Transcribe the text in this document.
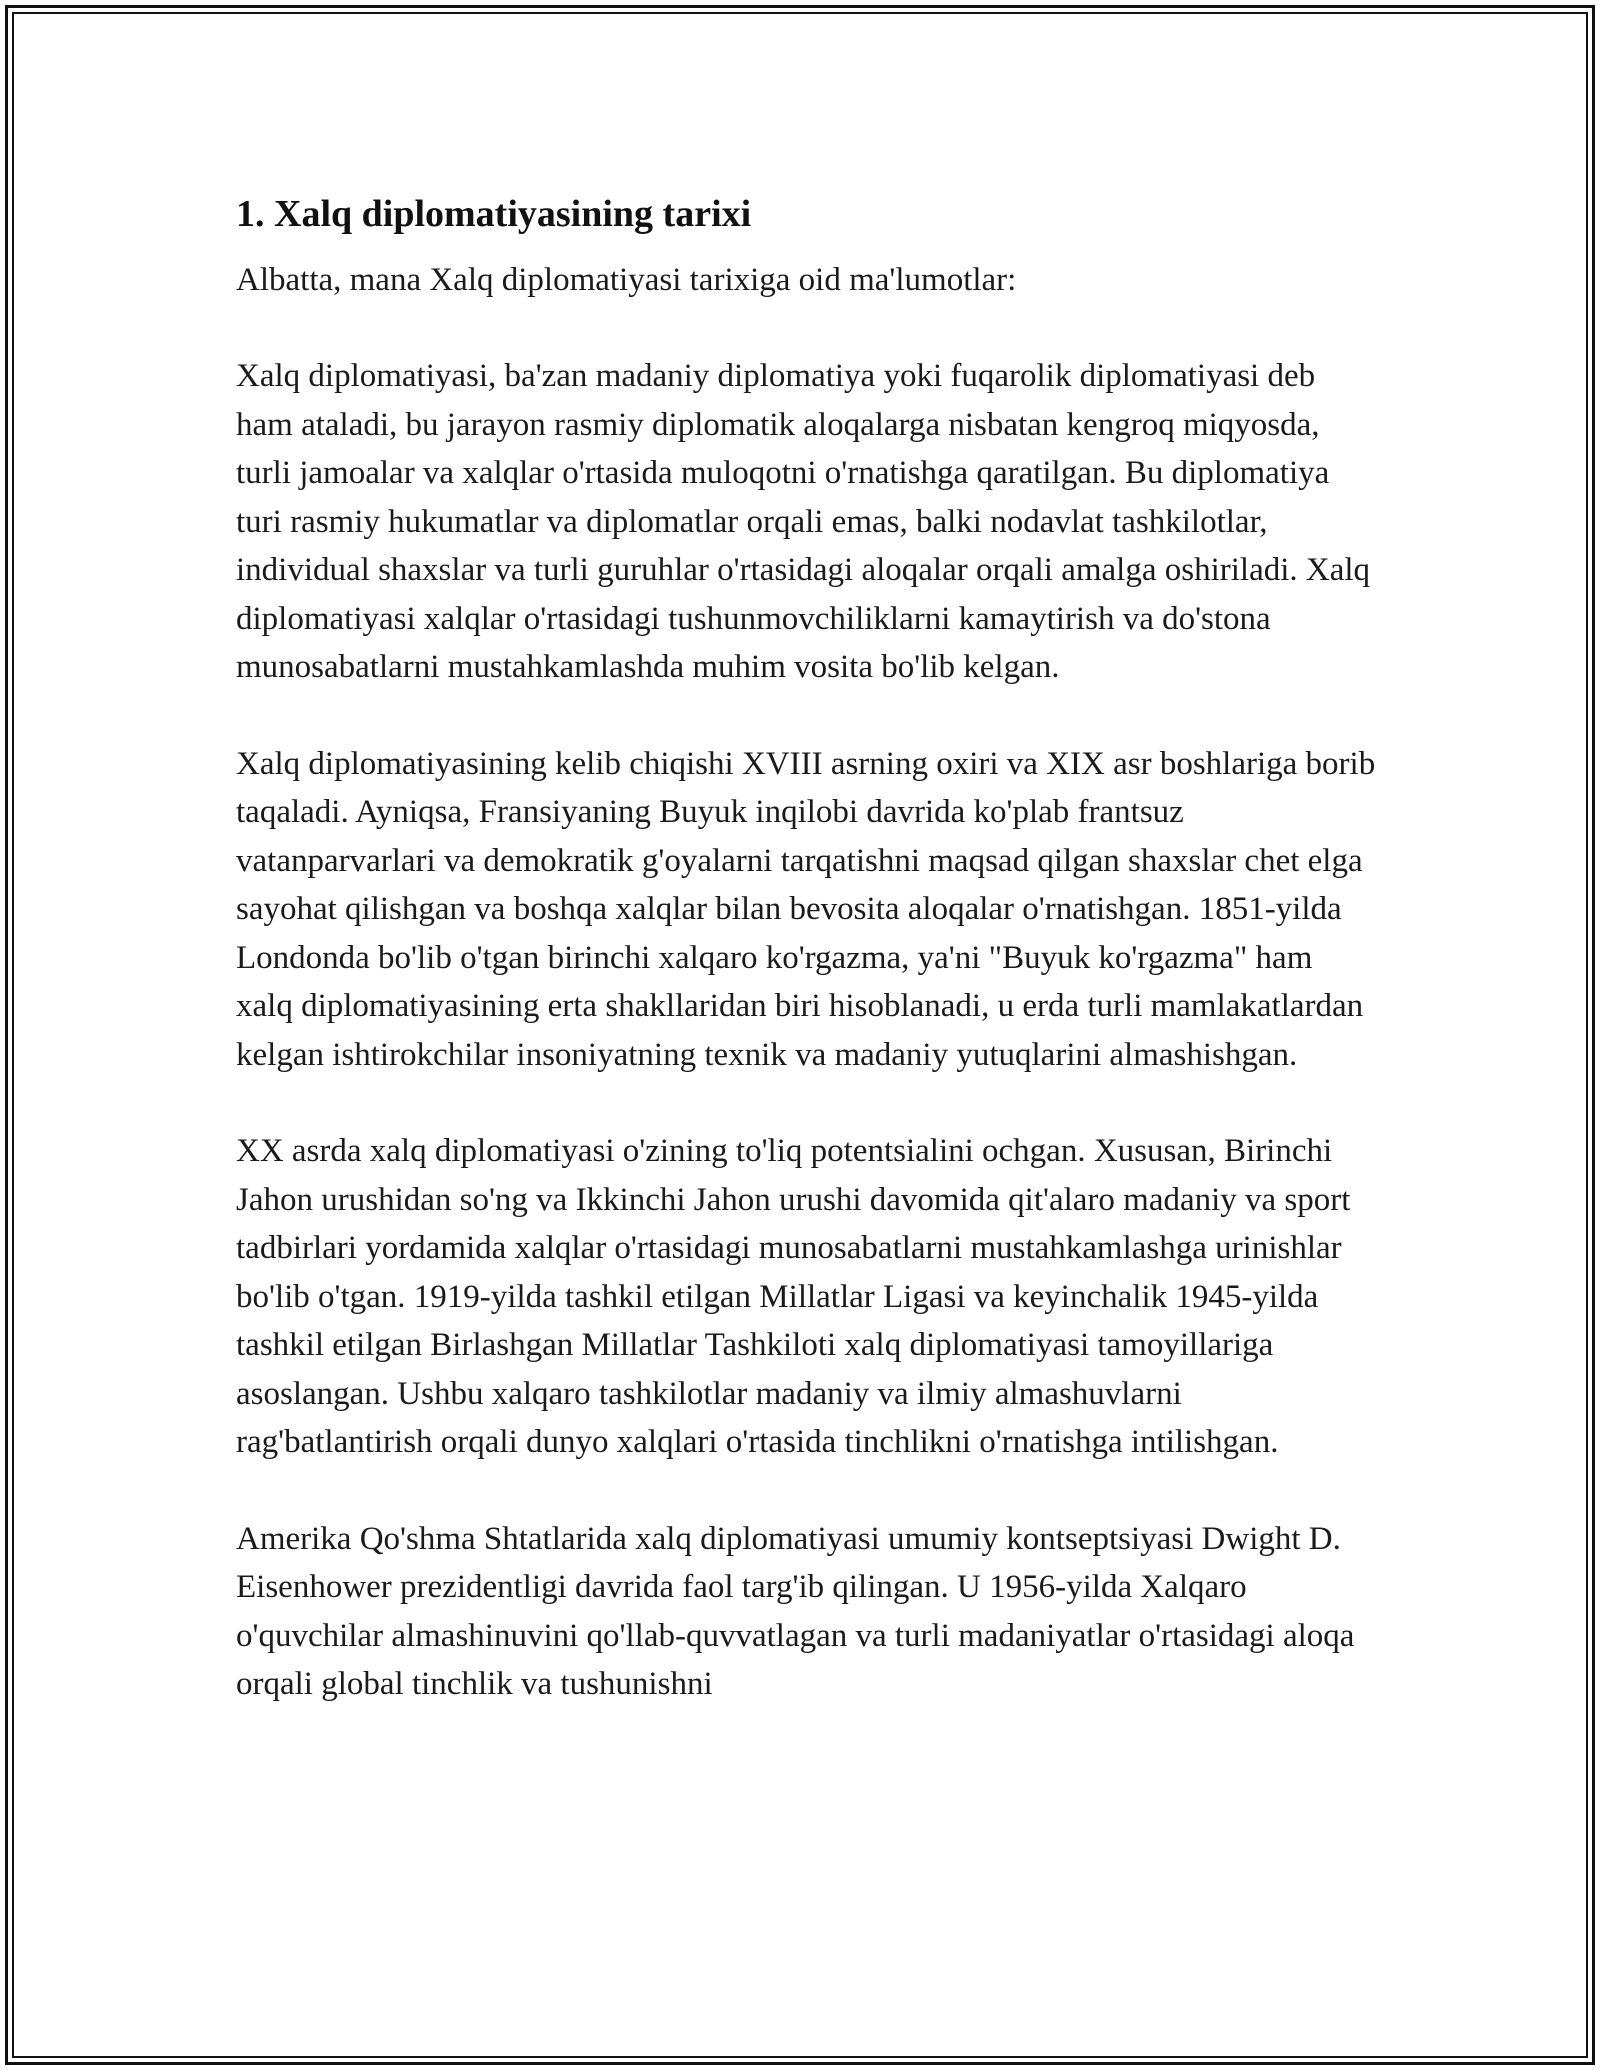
1. Xalq diplomatiyasining tarixi

Albatta, mana Xalq diplomatiyasi tarixiga oid ma'lumotlar:

Xalq diplomatiyasi, ba'zan madaniy diplomatiya yoki fuqarolik diplomatiyasi deb ham ataladi, bu jarayon rasmiy diplomatik aloqalarga nisbatan kengroq miqyosda, turli jamoalar va xalqlar o'rtasida muloqotni o'rnatishga qaratilgan. Bu diplomatiya turi rasmiy hukumatlar va diplomatlar orqali emas, balki nodavlat tashkilotlar, individual shaxslar va turli guruhlar o'rtasidagi aloqalar orqali amalga oshiriladi. Xalq diplomatiyasi xalqlar o'rtasidagi tushunmovchiliklarni kamaytirish va do'stona munosabatlarni mustahkamlashda muhim vosita bo'lib kelgan.

Xalq diplomatiyasining kelib chiqishi XVIII asrning oxiri va XIX asr boshlariga borib taqaladi. Ayniqsa, Fransiyaning Buyuk inqilobi davrida ko'plab frantsuz vatanparvarlari va demokratik g'oyalarni tarqatishni maqsad qilgan shaxslar chet elga sayohat qilishgan va boshqa xalqlar bilan bevosita aloqalar o'rnatishgan. 1851-yilda Londonda bo'lib o'tgan birinchi xalqaro ko'rgazma, ya'ni "Buyuk ko'rgazma" ham xalq diplomatiyasining erta shakllaridan biri hisoblanadi, u erda turli mamlakatlardan kelgan ishtirokchilar insoniyatning texnik va madaniy yutuqlarini almashishgan.

XX asrda xalq diplomatiyasi o'zining to'liq potentsialini ochgan. Xususan, Birinchi Jahon urushidan so'ng va Ikkinchi Jahon urushi davomida qit'alaro madaniy va sport tadbirlari yordamida xalqlar o'rtasidagi munosabatlarni mustahkamlashga urinishlar bo'lib o'tgan. 1919-yilda tashkil etilgan Millatlar Ligasi va keyinchalik 1945-yilda tashkil etilgan Birlashgan Millatlar Tashkiloti xalq diplomatiyasi tamoyillariga asoslangan. Ushbu xalqaro tashkilotlar madaniy va ilmiy almashuvlarni rag'batlantirish orqali dunyo xalqlari o'rtasida tinchlikni o'rnatishga intilishgan.

Amerika Qo'shma Shtatlarida xalq diplomatiyasi umumiy kontseptsiyasi Dwight D. Eisenhower prezidentligi davrida faol targ'ib qilingan. U 1956-yilda Xalqaro o'quvchilar almashinuvini qo'llab-quvvatlagan va turli madaniyatlar o'rtasidagi aloqa orqali global tinchlik va tushunishni
